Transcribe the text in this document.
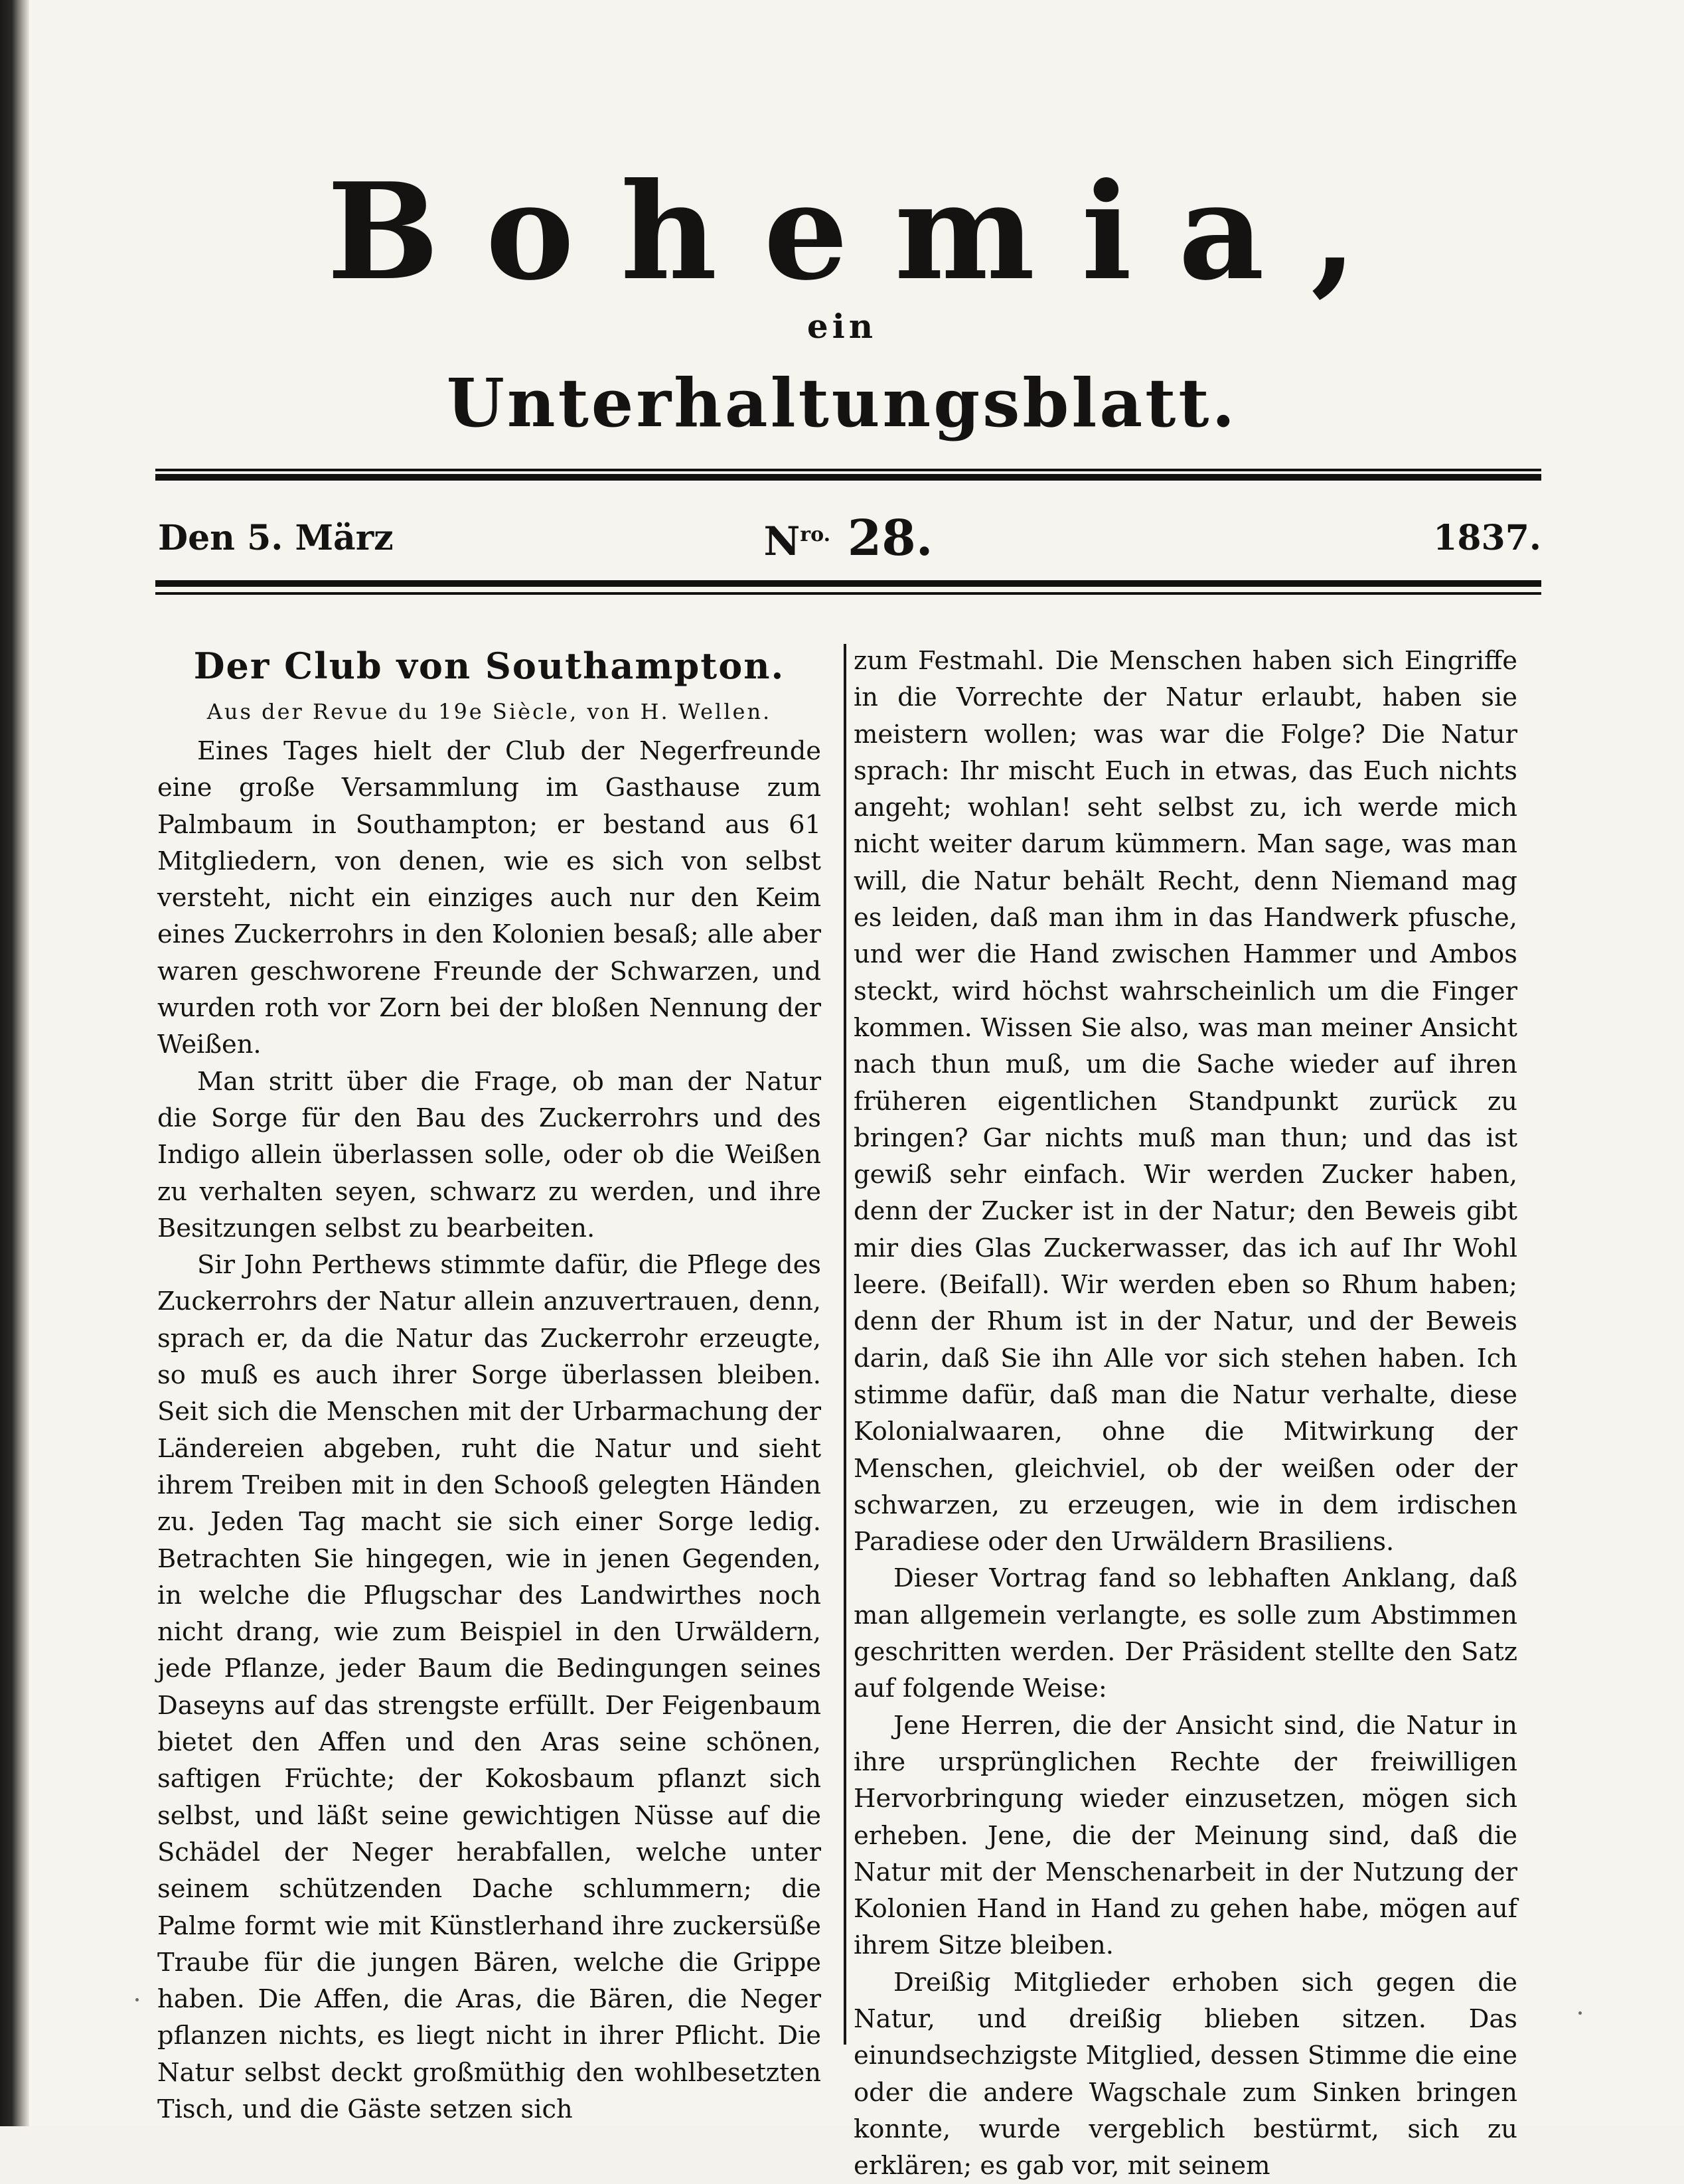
Bohemia,
ein
Unterhaltungsblatt.
Den 5. März	$N^{ro.}$ 28.	1837.
Der Club von Southampton.
Aus der Revue du 19e Siècle, von H. Wellen.

Eines Tages hielt der Club der Negerfreunde eine große Versammlung im Gasthause zum Palmbaum in Southampton; er bestand aus 61 Mitgliedern, von denen, wie es sich von selbst versteht, nicht ein einziges auch nur den Keim eines Zuckerrohrs in den Kolonien besaß; alle aber waren geschworene Freunde der Schwarzen, und wurden roth vor Zorn bei der bloßen Nennung der Weißen.

Man stritt über die Frage, ob man der Natur die Sorge für den Bau des Zuckerrohrs und des Indigo allein überlassen solle, oder ob die Weißen zu verhalten seyen, schwarz zu werden, und ihre Besitzungen selbst zu bearbeiten.

Sir John Perthews stimmte dafür, die Pflege des Zuckerrohrs der Natur allein anzuvertrauen, denn, sprach er, da die Natur das Zuckerrohr erzeugte, so muß es auch ihrer Sorge überlassen bleiben. Seit sich die Menschen mit der Urbarmachung der Ländereien abgeben, ruht die Natur und sieht ihrem Treiben mit in den Schooß gelegten Händen zu. Jeden Tag macht sie sich einer Sorge ledig. Betrachten Sie hingegen, wie in jenen Gegenden, in welche die Pflugschar des Landwirthes noch nicht drang, wie zum Beispiel in den Urwäldern, jede Pflanze, jeder Baum die Bedingungen seines Daseyns auf das strengste erfüllt. Der Feigenbaum bietet den Affen und den Aras seine schönen, saftigen Früchte; der Kokosbaum pflanzt sich selbst, und läßt seine gewichtigen Nüsse auf die Schädel der Neger herabfallen, welche unter seinem schützenden Dache schlummern; die Palme formt wie mit Künstlerhand ihre zuckersüße Traube für die jungen Bären, welche die Grippe haben. Die Affen, die Aras, die Bären, die Neger pflanzen nichts, es liegt nicht in ihrer Pflicht. Die Natur selbst deckt großmüthig den wohlbesetzten Tisch, und die Gäste setzen sich

zum Festmahl. Die Menschen haben sich Eingriffe in die Vorrechte der Natur erlaubt, haben sie meistern wollen; was war die Folge? Die Natur sprach: Ihr mischt Euch in etwas, das Euch nichts angeht; wohlan! seht selbst zu, ich werde mich nicht weiter darum kümmern. Man sage, was man will, die Natur behält Recht, denn Niemand mag es leiden, daß man ihm in das Handwerk pfusche, und wer die Hand zwischen Hammer und Ambos steckt, wird höchst wahrscheinlich um die Finger kommen. Wissen Sie also, was man meiner Ansicht nach thun muß, um die Sache wieder auf ihren früheren eigentlichen Standpunkt zurück zu bringen? Gar nichts muß man thun; und das ist gewiß sehr einfach. Wir werden Zucker haben, denn der Zucker ist in der Natur; den Beweis gibt mir dies Glas Zuckerwasser, das ich auf Ihr Wohl leere. (Beifall). Wir werden eben so Rhum haben; denn der Rhum ist in der Natur, und der Beweis darin, daß Sie ihn Alle vor sich stehen haben. Ich stimme dafür, daß man die Natur verhalte, diese Kolonialwaaren, ohne die Mitwirkung der Menschen, gleichviel, ob der weißen oder der schwarzen, zu erzeugen, wie in dem irdischen Paradiese oder den Urwäldern Brasiliens.

Dieser Vortrag fand so lebhaften Anklang, daß man allgemein verlangte, es solle zum Abstimmen geschritten werden. Der Präsident stellte den Satz auf folgende Weise:

Jene Herren, die der Ansicht sind, die Natur in ihre ursprünglichen Rechte der freiwilligen Hervorbringung wieder einzusetzen, mögen sich erheben. Jene, die der Meinung sind, daß die Natur mit der Menschenarbeit in der Nutzung der Kolonien Hand in Hand zu gehen habe, mögen auf ihrem Sitze bleiben.

Dreißig Mitglieder erhoben sich gegen die Natur, und dreißig blieben sitzen. Das einundsechzigste Mitglied, dessen Stimme die eine oder die andere Wagschale zum Sinken bringen konnte, wurde vergeblich bestürmt, sich zu erklären; es gab vor, mit seinem
